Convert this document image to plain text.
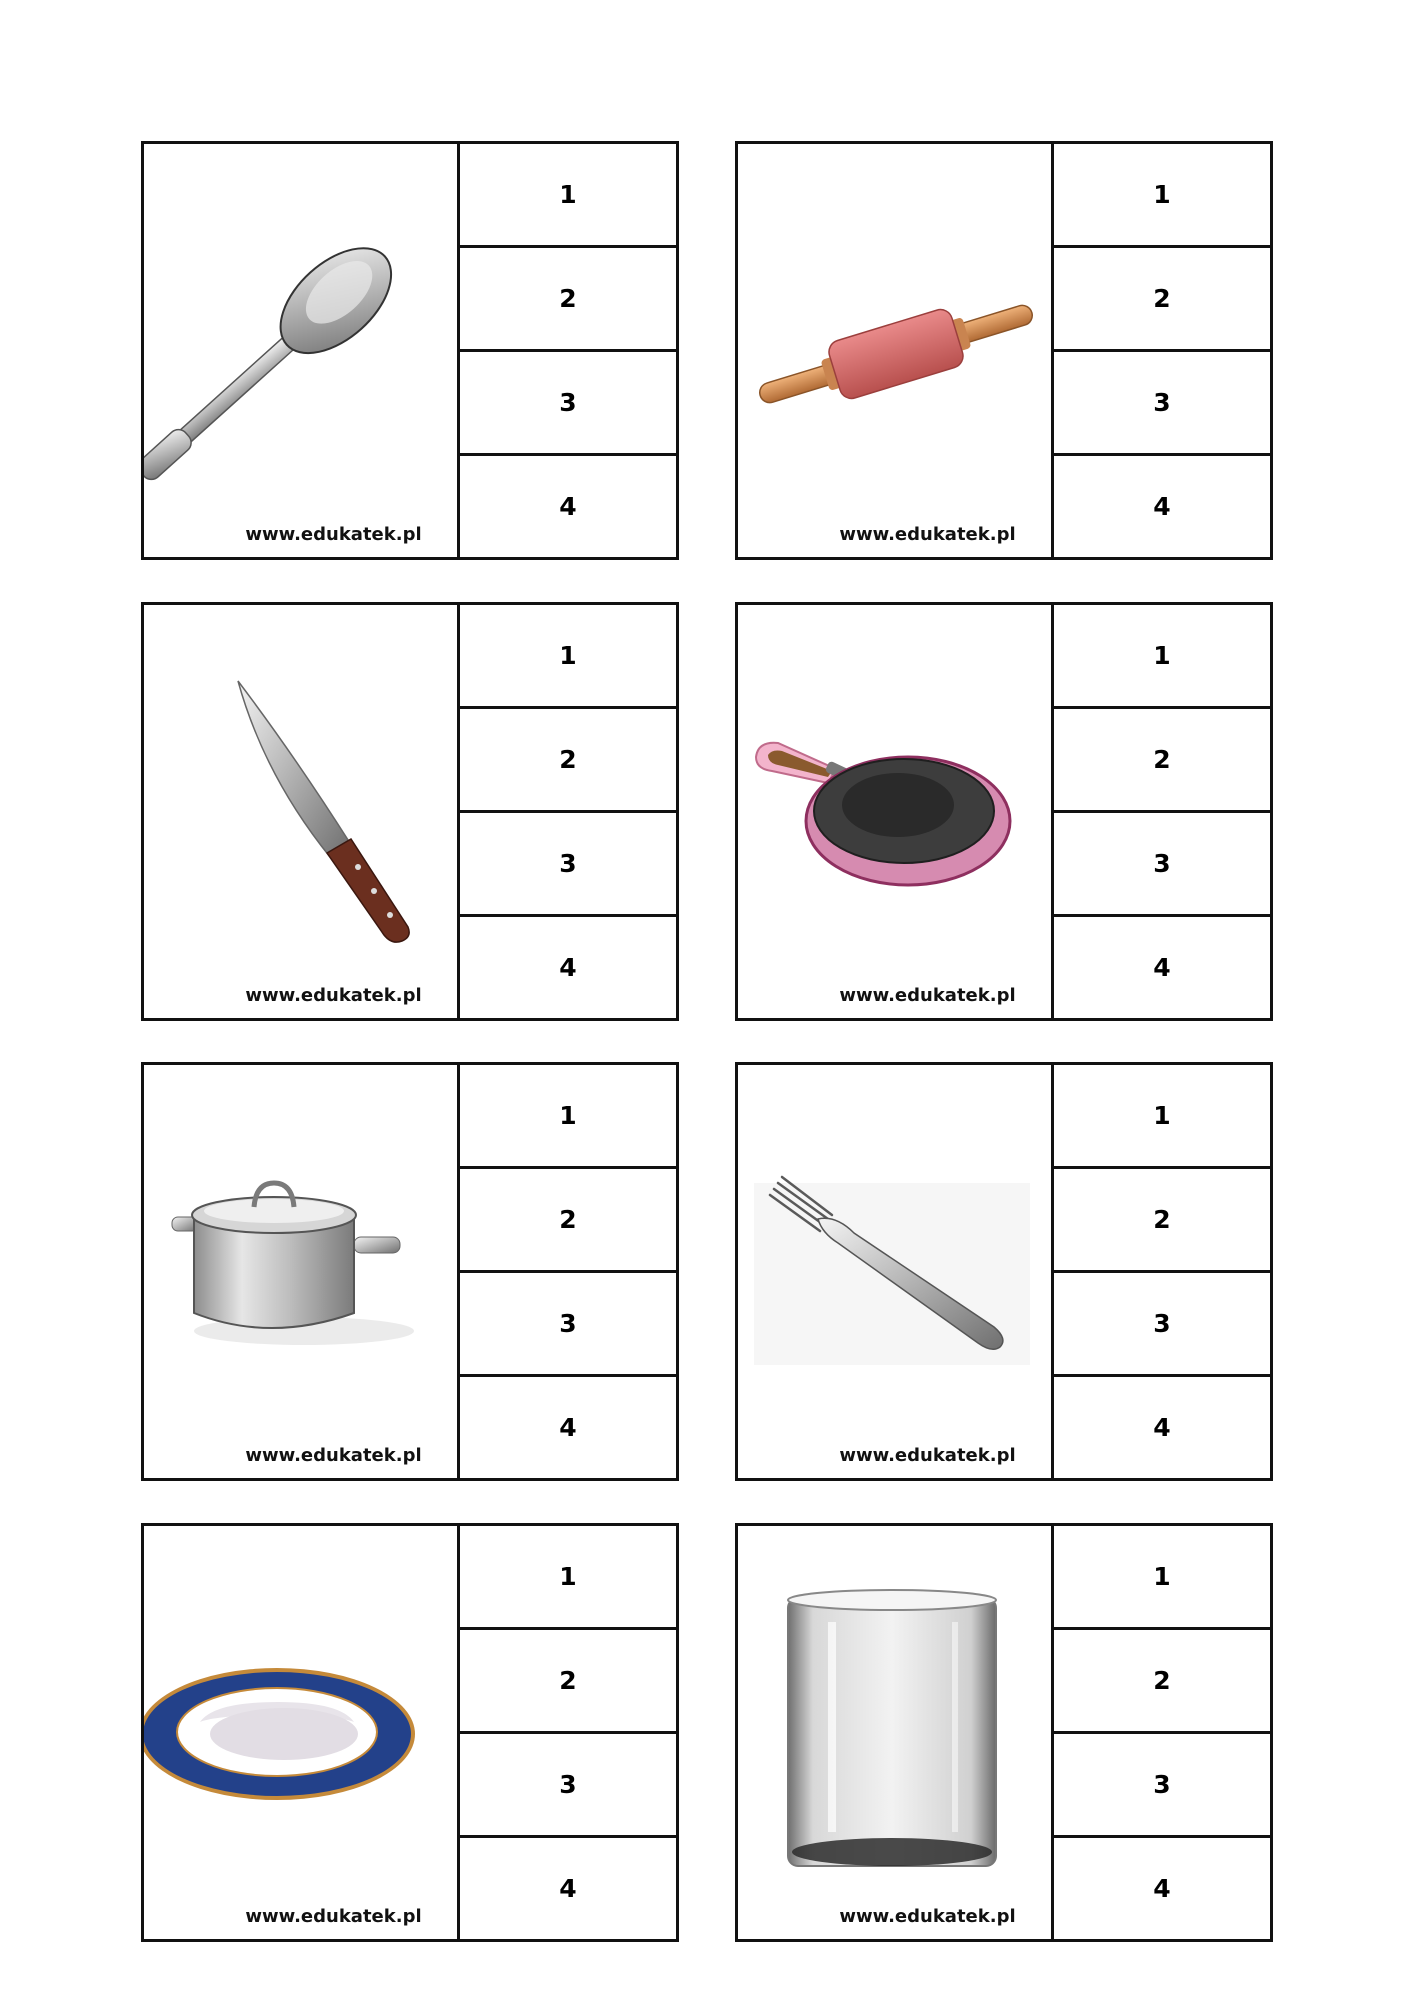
www.edukatek.pl
1
2
3
4
www.edukatek.pl
1
2
3
4
www.edukatek.pl
1
2
3
4
www.edukatek.pl
1
2
3
4
www.edukatek.pl
1
2
3
4
www.edukatek.pl
1
2
3
4
www.edukatek.pl
1
2
3
4
www.edukatek.pl
1
2
3
4
